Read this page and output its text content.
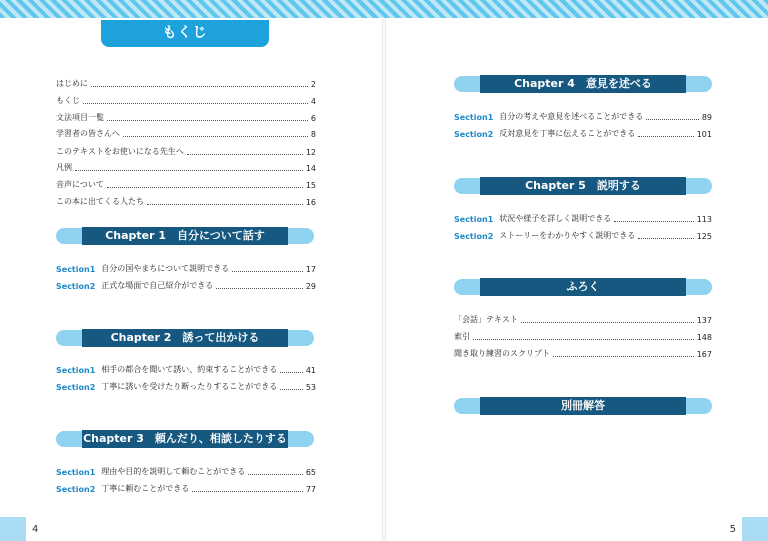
もくじ
はじめに	2
もくじ	4
文法項目一覧	6
学習者の皆さんへ	8
このテキストをお使いになる先生へ	12
凡例	14
音声について	15
この本に出てくる人たち	16
Chapter 1　自分について話す
Section1 自分の国やまちについて説明できる	17
Section2 正式な場面で自己紹介ができる	29
Chapter 2　誘って出かける
Section1 相手の都合を聞いて誘い、約束することができる	41
Section2 丁寧に誘いを受けたり断ったりすることができる	53
Chapter 3　頼んだり、相談したりする
Section1 理由や目的を説明して頼むことができる	65
Section2 丁寧に頼むことができる	77
Chapter 4　意見を述べる
Section1 自分の考えや意見を述べることができる	89
Section2 反対意見を丁寧に伝えることができる	101
Chapter 5　説明する
Section1 状況や様子を詳しく説明できる	113
Section2 ストーリーをわかりやすく説明できる	125
ふろく
「会話」テキスト	137
索引	148
聞き取り練習のスクリプト	167
別冊解答
4	5
